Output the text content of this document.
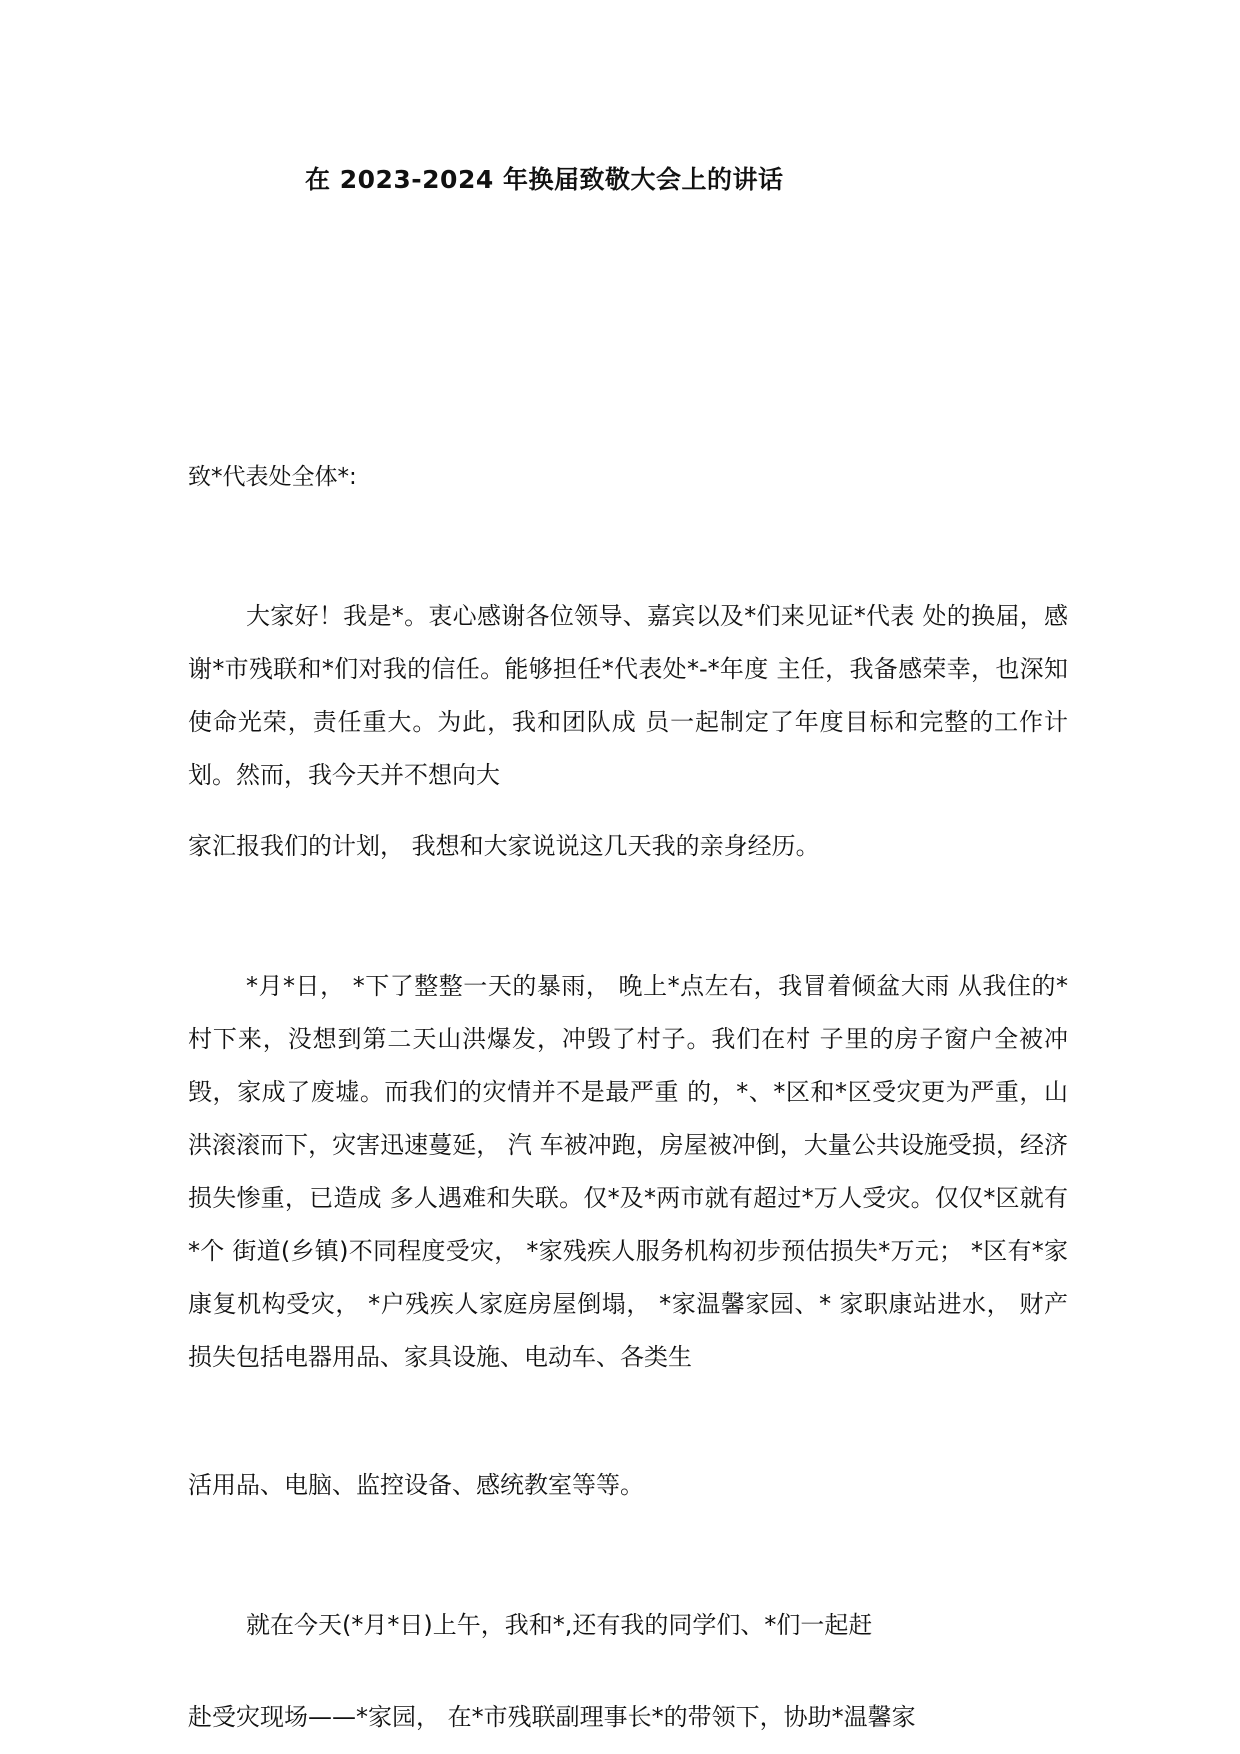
在 2023-2024 年换届致敬大会上的讲话
致*代表处全体*:

大家好！我是*。衷心感谢各位领导、嘉宾以及*们来见证*代表 处的换届，感谢*市残联和*们对我的信任。能够担任*代表处*-*年度 主任，我备感荣幸，也深知使命光荣，责任重大。为此，我和团队成 员一起制定了年度目标和完整的工作计划。然而，我今天并不想向大

家汇报我们的计划， 我想和大家说说这几天我的亲身经历。

*月*日， *下了整整一天的暴雨， 晚上*点左右，我冒着倾盆大雨 从我住的*村下来，没想到第二天山洪爆发，冲毁了村子。我们在村 子里的房子窗户全被冲毁，家成了废墟。而我们的灾情并不是最严重 的，*、*区和*区受灾更为严重，山洪滚滚而下，灾害迅速蔓延， 汽 车被冲跑，房屋被冲倒，大量公共设施受损，经济损失惨重，已造成 多人遇难和失联。仅*及*两市就有超过*万人受灾。仅仅*区就有*个 街道(乡镇)不同程度受灾， *家残疾人服务机构初步预估损失*万元； *区有*家康复机构受灾， *户残疾人家庭房屋倒塌， *家温馨家园、* 家职康站进水， 财产损失包括电器用品、家具设施、电动车、各类生

活用品、电脑、监控设备、感统教室等等。
就在今天(*月*日)上午，我和*,还有我的同学们、*们一起赶
赴受灾现场——*家园， 在*市残联副理事长*的带领下，协助*温馨家
